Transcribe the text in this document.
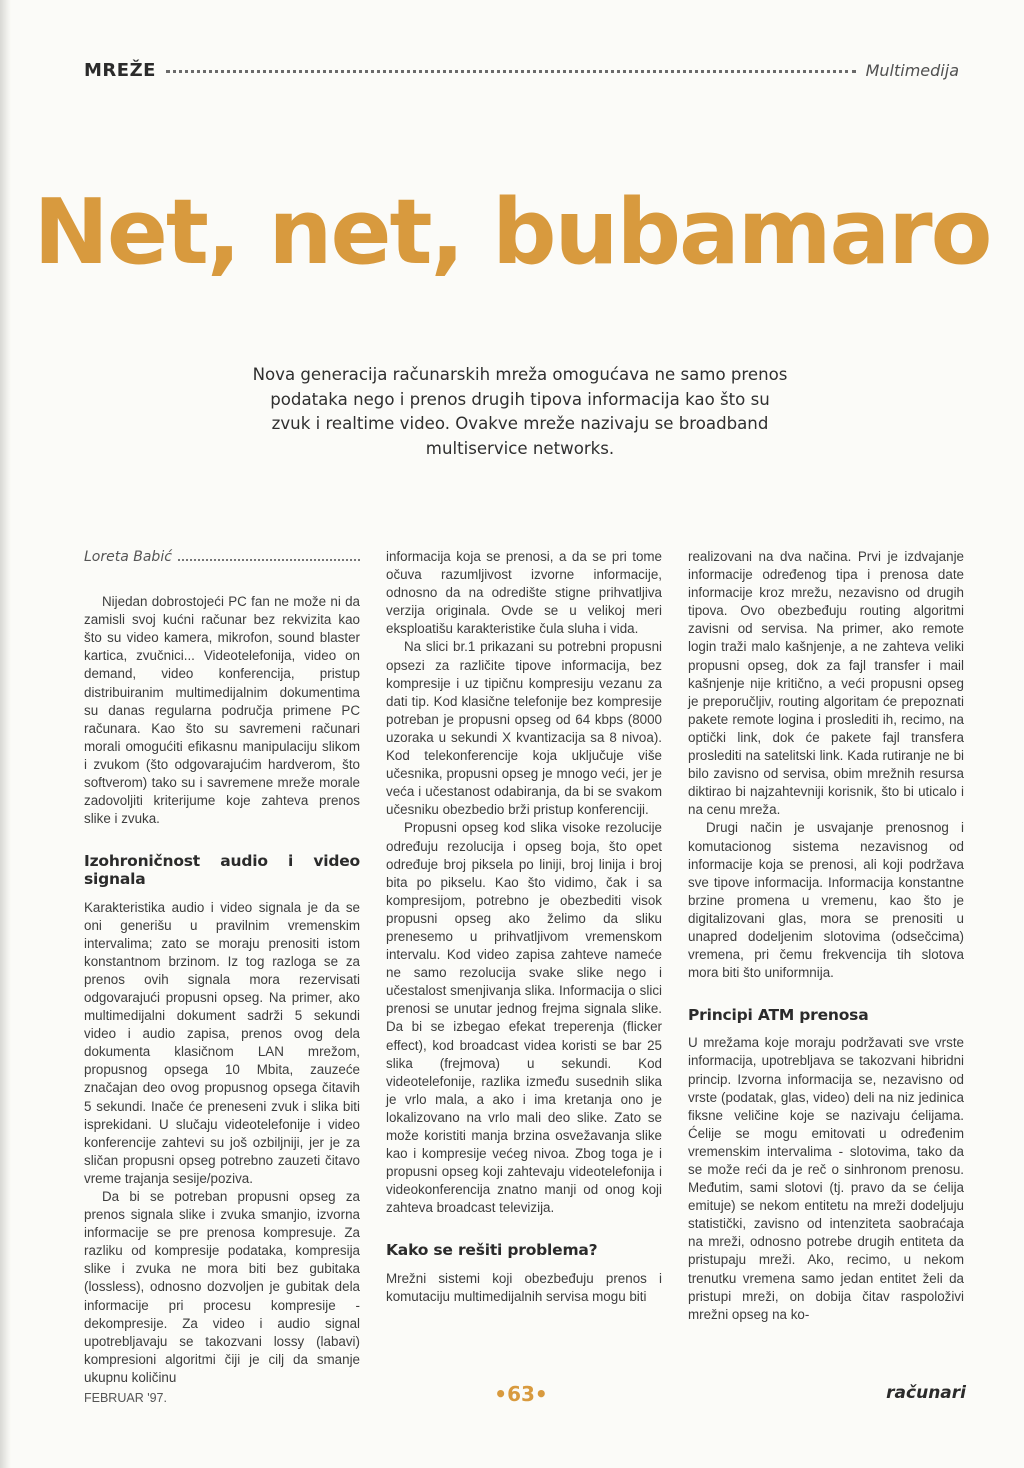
MREŽE	Multimedija
Net, net, bubamaro
Nova generacija računarskih mreža omogućava ne samo prenos podataka nego i prenos drugih tipova informacija kao što su zvuk i realtime video. Ovakve mreže nazivaju se broadband multiservice networks.
Loreta Babić

Nijedan dobrostojeći PC fan ne može ni da zamisli svoj kućni računar bez rekvizita kao što su video kamera, mikrofon, sound blaster kartica, zvučnici... Videotelefonija, video on demand, video konferencija, pristup distribuiranim multimedijalnim dokumentima su danas regularna područja primene PC računara. Kao što su savremeni računari morali omogućiti efikasnu manipulaciju slikom i zvukom (što odgovarajućim hardverom, što softverom) tako su i savremene mreže morale zadovoljiti kriterijume koje zahteva prenos slike i zvuka.

Izohroničnost audio i video signala

Karakteristika audio i video signala je da se oni generišu u pravilnim vremenskim intervalima; zato se moraju prenositi istom konstantnom brzinom. Iz tog razloga se za prenos ovih signala mora rezervisati odgovarajući propusni opseg. Na primer, ako multimedijalni dokument sadrži 5 sekundi video i audio zapisa, prenos ovog dela dokumenta klasičnom LAN mrežom, propusnog opsega 10 Mbita, zauzeće značajan deo ovog propusnog opsega čitavih 5 sekundi. Inače će preneseni zvuk i slika biti isprekidani. U slučaju videotelefonije i video konferencije zahtevi su još ozbiljniji, jer je za sličan propusni opseg potrebno zauzeti čitavo vreme trajanja sesije/poziva.

Da bi se potreban propusni opseg za prenos signala slike i zvuka smanjio, izvorna informacije se pre prenosa kompresuje. Za razliku od kompresije podataka, kompresija slike i zvuka ne mora biti bez gubitaka (lossless), odnosno dozvoljen je gubitak dela informacije pri procesu kompresije - dekompresije. Za video i audio signal upotrebljavaju se takozvani lossy (labavi) kompresioni algoritmi čiji je cilj da smanje ukupnu količinu

informacija koja se prenosi, a da se pri tome očuva razumljivost izvorne informacije, odnosno da na odredište stigne prihvatljiva verzija originala. Ovde se u velikoj meri eksploatišu karakteristike čula sluha i vida.

Na slici br.1 prikazani su potrebni propusni opsezi za različite tipove informacija, bez kompresije i uz tipičnu kompresiju vezanu za dati tip. Kod klasične telefonije bez kompresije potreban je propusni opseg od 64 kbps (8000 uzoraka u sekundi X kvantizacija sa 8 nivoa). Kod telekonferencije koja uključuje više učesnika, propusni opseg je mnogo veći, jer je veća i učestanost odabiranja, da bi se svakom učesniku obezbedio brži pristup konferenciji.

Propusni opseg kod slika visoke rezolucije određuju rezolucija i opseg boja, što opet određuje broj piksela po liniji, broj linija i broj bita po pikselu. Kao što vidimo, čak i sa kompresijom, potrebno je obezbediti visok propusni opseg ako želimo da sliku prenesemo u prihvatljivom vremenskom intervalu. Kod video zapisa zahteve nameće ne samo rezolucija svake slike nego i učestalost smenjivanja slika. Informacija o slici prenosi se unutar jednog frejma signala slike. Da bi se izbegao efekat treperenja (flicker effect), kod broadcast videa koristi se bar 25 slika (frejmova) u sekundi. Kod videotelefonije, razlika između susednih slika je vrlo mala, a ako i ima kretanja ono je lokalizovano na vrlo mali deo slike. Zato se može koristiti manja brzina osvežavanja slike kao i kompresije većeg nivoa. Zbog toga je i propusni opseg koji zahtevaju videotelefonija i videokonferencija znatno manji od onog koji zahteva broadcast televizija.

Kako se rešiti problema?

Mrežni sistemi koji obezbeđuju prenos i komutaciju multimedijalnih servisa mogu biti

realizovani na dva načina. Prvi je izdvajanje informacije određenog tipa i prenosa date informacije kroz mrežu, nezavisno od drugih tipova. Ovo obezbeđuju routing algoritmi zavisni od servisa. Na primer, ako remote login traži malo kašnjenje, a ne zahteva veliki propusni opseg, dok za fajl transfer i mail kašnjenje nije kritično, a veći propusni opseg je preporučljiv, routing algoritam će prepoznati pakete remote logina i proslediti ih, recimo, na optički link, dok će pakete fajl transfera proslediti na satelitski link. Kada rutiranje ne bi bilo zavisno od servisa, obim mrežnih resursa diktirao bi najzahtevniji korisnik, što bi uticalo i na cenu mreža.

Drugi način je usvajanje prenosnog i komutacionog sistema nezavisnog od informacije koja se prenosi, ali koji podržava sve tipove informacija. Informacija konstantne brzine promena u vremenu, kao što je digitalizovani glas, mora se prenositi u unapred dodeljenim slotovima (odsečcima) vremena, pri čemu frekvencija tih slotova mora biti što uniformnija.

Principi ATM prenosa

U mrežama koje moraju podržavati sve vrste informacija, upotrebljava se takozvani hibridni princip. Izvorna informacija se, nezavisno od vrste (podatak, glas, video) deli na niz jedinica fiksne veličine koje se nazivaju ćelijama. Ćelije se mogu emitovati u određenim vremenskim intervalima - slotovima, tako da se može reći da je reč o sinhronom prenosu. Međutim, sami slotovi (tj. pravo da se ćelija emituje) se nekom entitetu na mreži dodeljuju statistički, zavisno od intenziteta saobraćaja na mreži, odnosno potrebe drugih entiteta da pristupaju mreži. Ako, recimo, u nekom trenutku vremena samo jedan entitet želi da pristupi mreži, on dobija čitav raspoloživi mrežni opseg na ko-

FEBRUAR '97.	•63•	računari
